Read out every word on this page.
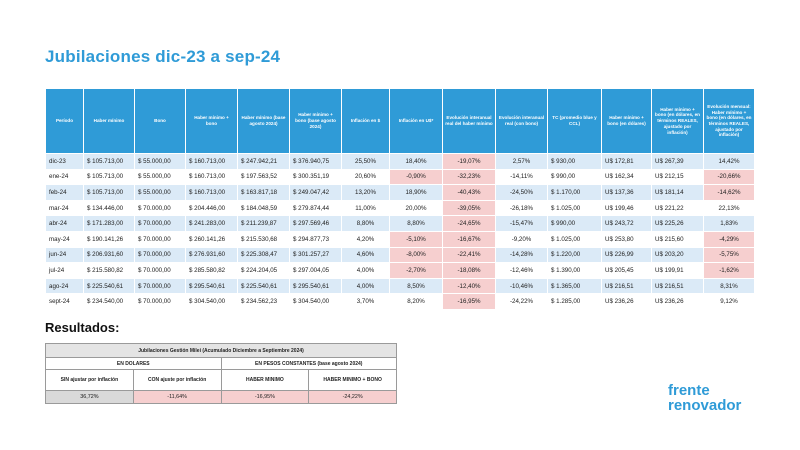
Jubilaciones dic-23 a sep-24
Período	Haber mínimo	Bono	Haber mínimo + bono	Haber mínimo (base agosto 2024)	Haber mínimo + bono (base agosto 2024)	Inflación en $	Inflación en U$*	Evolución interanual real del haber mínimo	Evolución interanual real (con bono)	TC (promedio blue y CCL)	Haber mínimo + bono (en dólares)	Haber mínimo + bono (en dólares, en términos REALES, ajustado por inflación)	Evolución mensual: Haber mínimo + bono (en dólares, en términos REALES, ajustado por inflación)
dic-23	$ 105.713,00	$ 55.000,00	$ 160.713,00	$ 247.942,21	$ 376.940,75	25,50%	18,40%	-19,07%	2,57%	$ 930,00	U$ 172,81	U$ 267,39	14,42%
ene-24	$ 105.713,00	$ 55.000,00	$ 160.713,00	$ 197.563,52	$ 300.351,19	20,60%	-0,90%	-32,23%	-14,11%	$ 990,00	U$ 162,34	U$ 212,15	-20,66%
feb-24	$ 105.713,00	$ 55.000,00	$ 160.713,00	$ 163.817,18	$ 249.047,42	13,20%	18,90%	-40,43%	-24,50%	$ 1.170,00	U$ 137,36	U$ 181,14	-14,62%
mar-24	$ 134.446,00	$ 70.000,00	$ 204.446,00	$ 184.048,59	$ 279.874,44	11,00%	20,00%	-39,05%	-26,18%	$ 1.025,00	U$ 199,46	U$ 221,22	22,13%
abr-24	$ 171.283,00	$ 70.000,00	$ 241.283,00	$ 211.239,87	$ 297.569,46	8,80%	8,80%	-24,65%	-15,47%	$ 990,00	U$ 243,72	U$ 225,26	1,83%
may-24	$ 190.141,26	$ 70.000,00	$ 260.141,26	$ 215.530,68	$ 294.877,73	4,20%	-5,10%	-16,67%	-9,20%	$ 1.025,00	U$ 253,80	U$ 215,60	-4,29%
jun-24	$ 206.931,60	$ 70.000,00	$ 276.931,60	$ 225.308,47	$ 301.257,27	4,60%	-8,00%	-22,41%	-14,28%	$ 1.220,00	U$ 226,99	U$ 203,20	-5,75%
jul-24	$ 215.580,82	$ 70.000,00	$ 285.580,82	$ 224.204,05	$ 297.004,05	4,00%	-2,70%	-18,08%	-12,46%	$ 1.390,00	U$ 205,45	U$ 199,91	-1,62%
ago-24	$ 225.540,61	$ 70.000,00	$ 295.540,61	$ 225.540,61	$ 295.540,61	4,00%	8,50%	-12,40%	-10,46%	$ 1.365,00	U$ 216,51	U$ 216,51	8,31%
sept-24	$ 234.540,00	$ 70.000,00	$ 304.540,00	$ 234.562,23	$ 304.540,00	3,70%	8,20%	-16,95%	-24,22%	$ 1.285,00	U$ 236,26	U$ 236,26	9,12%
Resultados:
Jubilaciones Gestión Milei (Acumulado Diciembre a Septiembre 2024)			
EN DOLARES		EN PESOS CONSTANTES (base agosto 2024)	
SIN ajustar por inflación	CON ajuste por inflación	HABER MINIMO	HABER MINIMO + BONO
36,72%	-11,64%	-16,95%	-24,22%	frente
renovador
